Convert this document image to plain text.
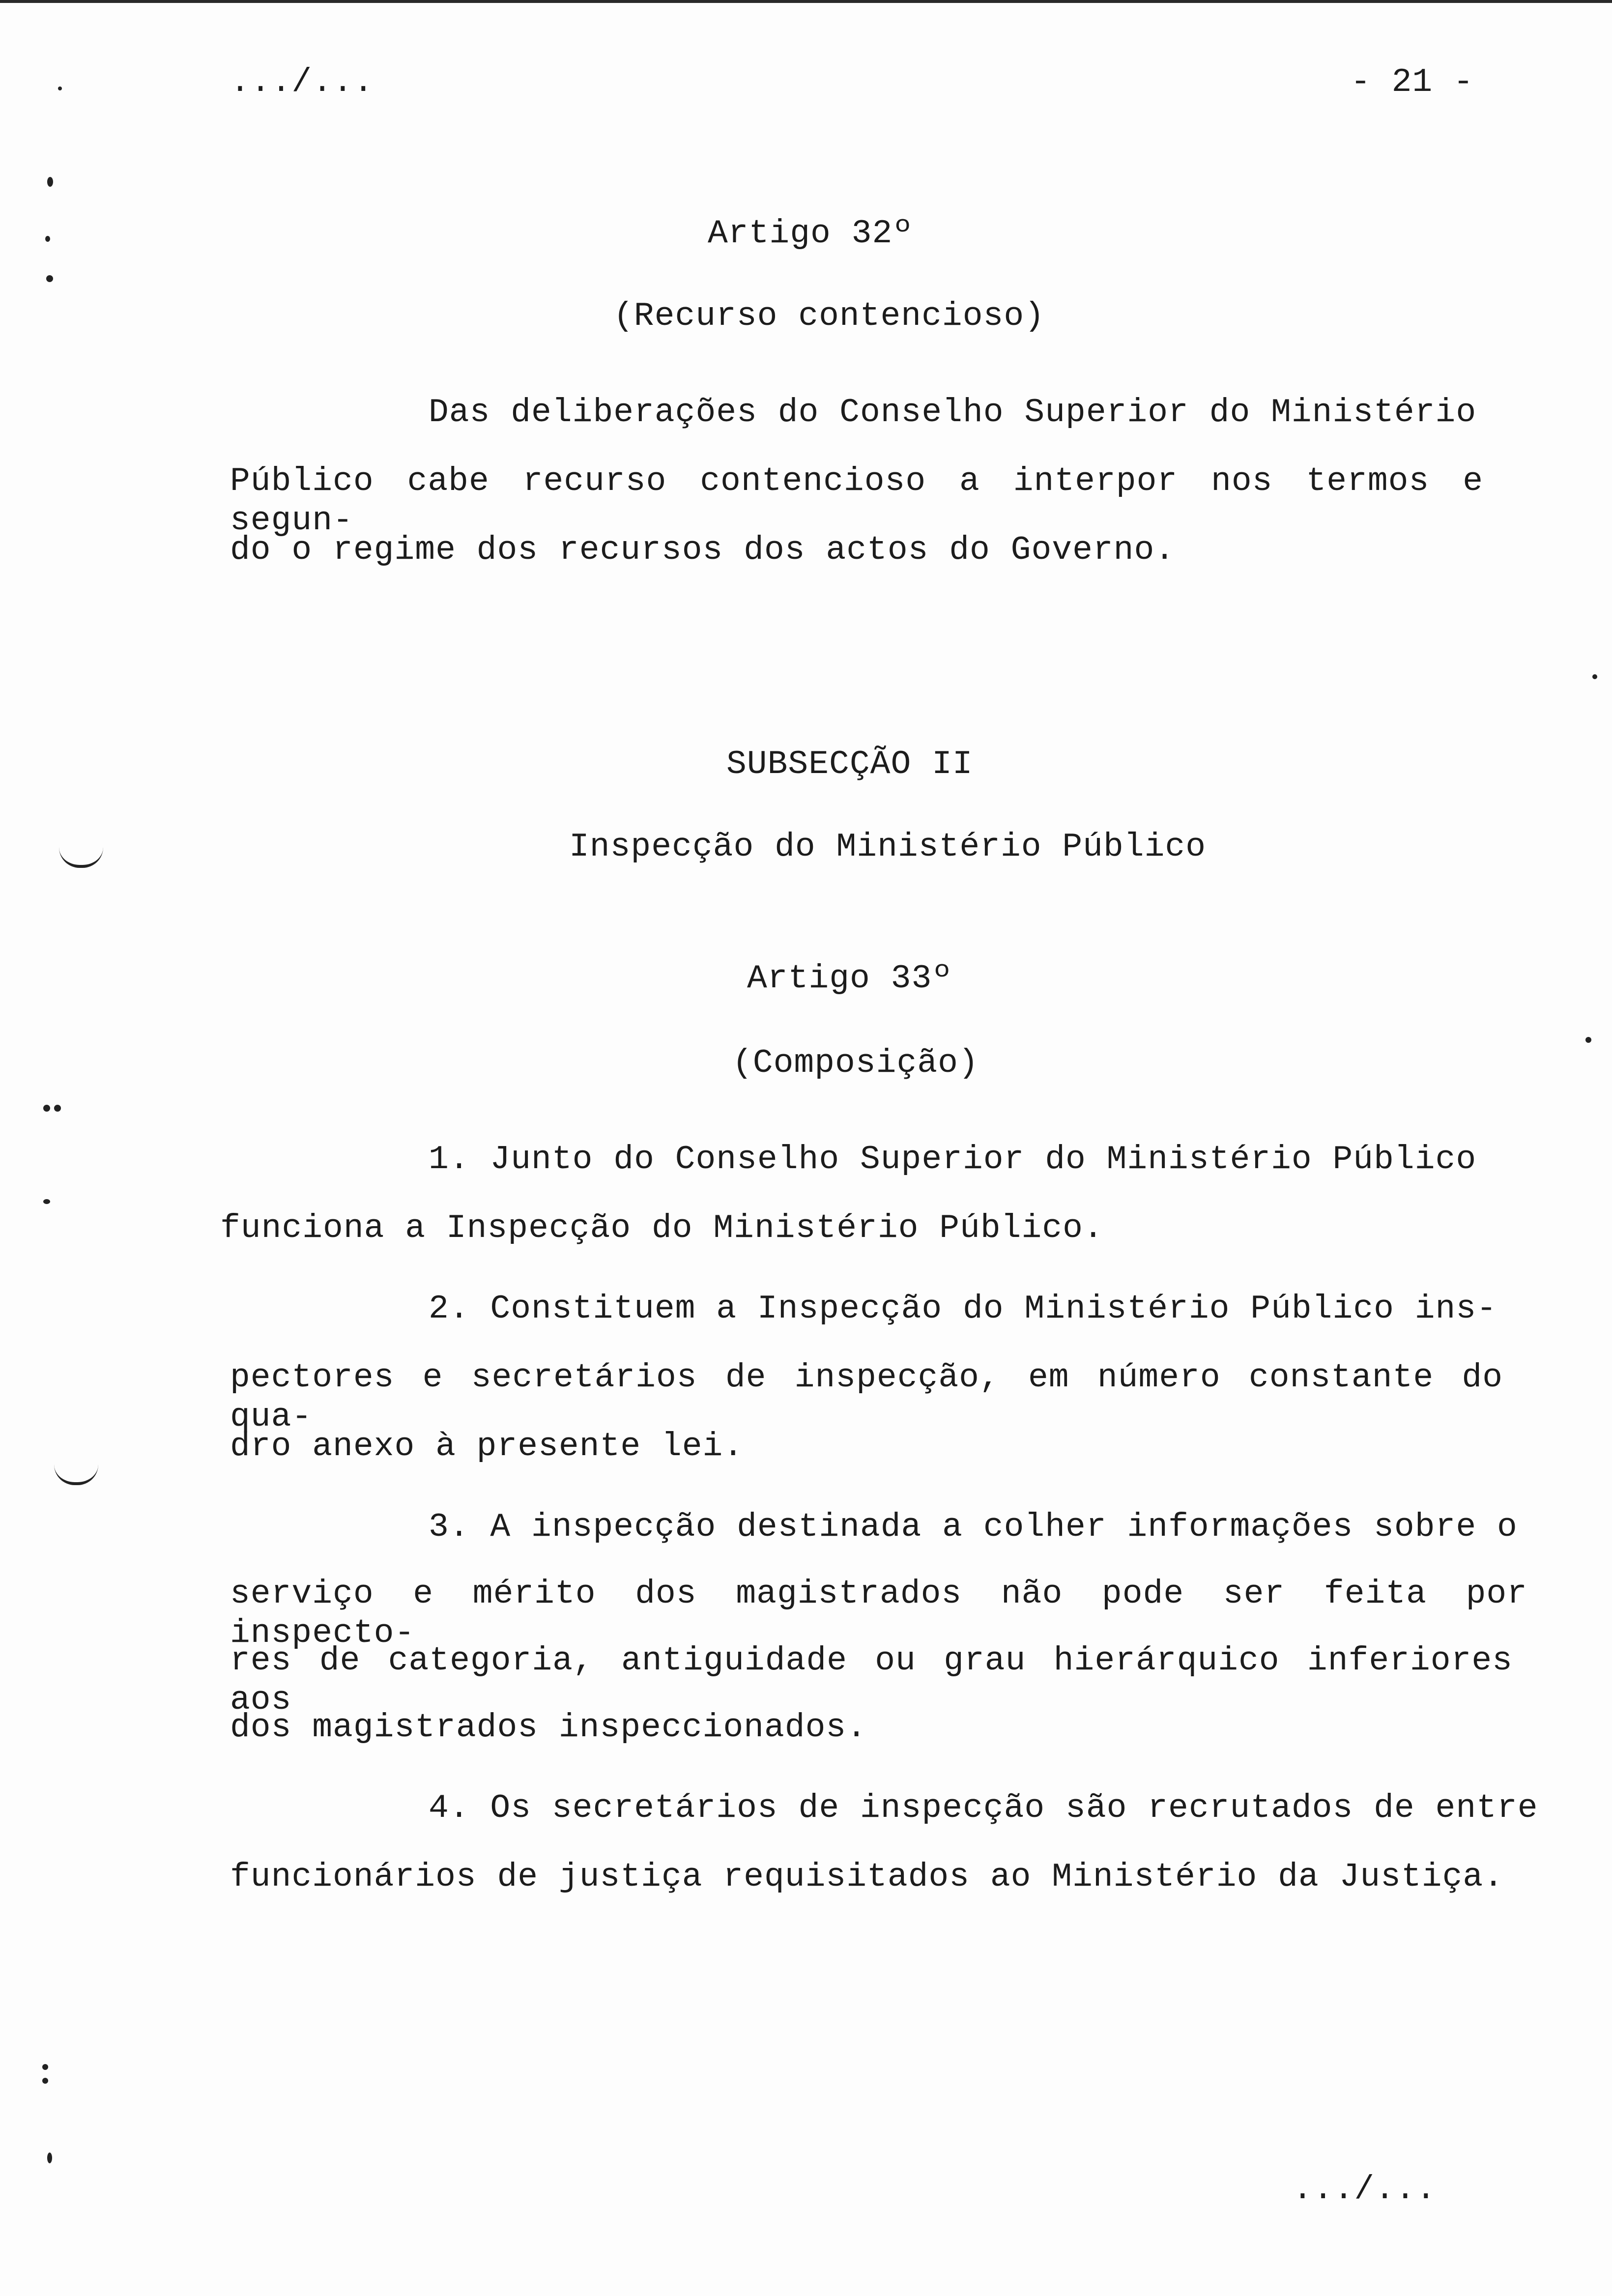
.../...	- 21 -
Artigo 32º
(Recurso contencioso)
Das deliberações do Conselho Superior do Ministério
Público cabe recurso contencioso a interpor nos termos e segun-
do o regime dos recursos dos actos do Governo.
SUBSECÇÃO II
Inspecção do Ministério Público
Artigo 33º
(Composição)
1. Junto do Conselho Superior do Ministério Público
funciona a Inspecção do Ministério Público.
2. Constituem a Inspecção do Ministério Público ins-
pectores e secretários de inspecção, em número constante do qua-
dro anexo à presente lei.
3. A inspecção destinada a colher informações sobre o
serviço e mérito dos magistrados não pode ser feita por inspecto-
res de categoria, antiguidade ou grau hierárquico inferiores aos
dos magistrados inspeccionados.
4. Os secretários de inspecção são recrutados de entre
funcionários de justiça requisitados ao Ministério da Justiça.
.../...
